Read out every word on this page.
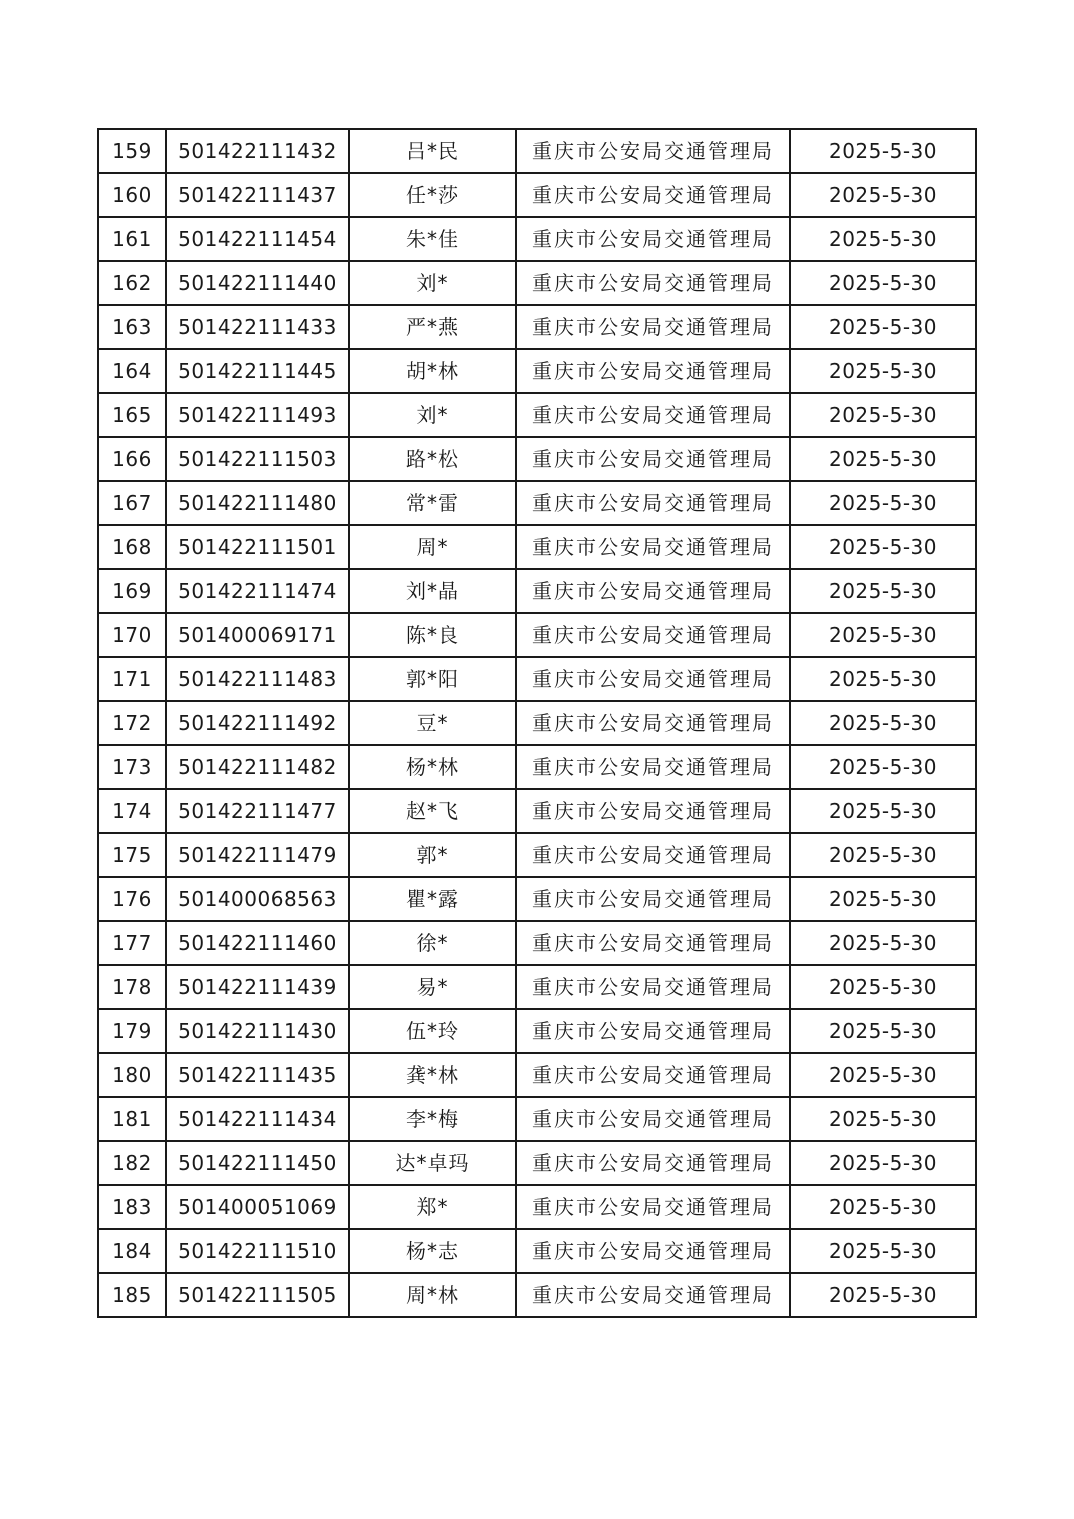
159	501422111432	吕*民	重庆市公安局交通管理局	2025-5-30
160	501422111437	任*莎	重庆市公安局交通管理局	2025-5-30
161	501422111454	朱*佳	重庆市公安局交通管理局	2025-5-30
162	501422111440	刘*	重庆市公安局交通管理局	2025-5-30
163	501422111433	严*燕	重庆市公安局交通管理局	2025-5-30
164	501422111445	胡*林	重庆市公安局交通管理局	2025-5-30
165	501422111493	刘*	重庆市公安局交通管理局	2025-5-30
166	501422111503	路*松	重庆市公安局交通管理局	2025-5-30
167	501422111480	常*雷	重庆市公安局交通管理局	2025-5-30
168	501422111501	周*	重庆市公安局交通管理局	2025-5-30
169	501422111474	刘*晶	重庆市公安局交通管理局	2025-5-30
170	501400069171	陈*良	重庆市公安局交通管理局	2025-5-30
171	501422111483	郭*阳	重庆市公安局交通管理局	2025-5-30
172	501422111492	豆*	重庆市公安局交通管理局	2025-5-30
173	501422111482	杨*林	重庆市公安局交通管理局	2025-5-30
174	501422111477	赵*飞	重庆市公安局交通管理局	2025-5-30
175	501422111479	郭*	重庆市公安局交通管理局	2025-5-30
176	501400068563	瞿*露	重庆市公安局交通管理局	2025-5-30
177	501422111460	徐*	重庆市公安局交通管理局	2025-5-30
178	501422111439	易*	重庆市公安局交通管理局	2025-5-30
179	501422111430	伍*玲	重庆市公安局交通管理局	2025-5-30
180	501422111435	龚*林	重庆市公安局交通管理局	2025-5-30
181	501422111434	李*梅	重庆市公安局交通管理局	2025-5-30
182	501422111450	达*卓玛	重庆市公安局交通管理局	2025-5-30
183	501400051069	郑*	重庆市公安局交通管理局	2025-5-30
184	501422111510	杨*志	重庆市公安局交通管理局	2025-5-30
185	501422111505	周*林	重庆市公安局交通管理局	2025-5-30
